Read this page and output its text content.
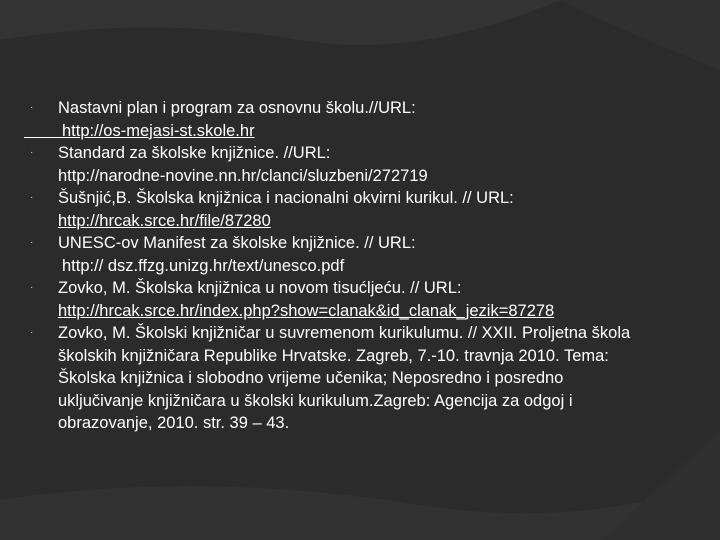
·	Nastavni plan i program za osnovnu školu.//URL:
http://os-mejasi-st.skole.hr
·	Standard za školske knjižnice. //URL:
http://narodne-novine.nn.hr/clanci/sluzbeni/272719
·	Šušnjić,B. Školska knjižnica i nacionalni okvirni kurikul. // URL:
http://hrcak.srce.hr/file/87280
·	UNESC-ov Manifest za školske knjižnice. // URL:
http:// dsz.ffzg.unizg.hr/text/unesco.pdf
·	Zovko, M. Školska knjižnica u novom tisućljeću. // URL:
http://hrcak.srce.hr/index.php?show=clanak&id_clanak_jezik=87278
·	Zovko, M. Školski knjižničar u suvremenom kurikulumu. // XXII. Proljetna škola
školskih knjižničara Republike Hrvatske. Zagreb, 7.-10. travnja 2010. Tema:
Školska knjižnica i slobodno vrijeme učenika; Neposredno i posredno
uključivanje knjižničara u školski kurikulum.Zagreb: Agencija za odgoj i
obrazovanje, 2010. str. 39 – 43.
